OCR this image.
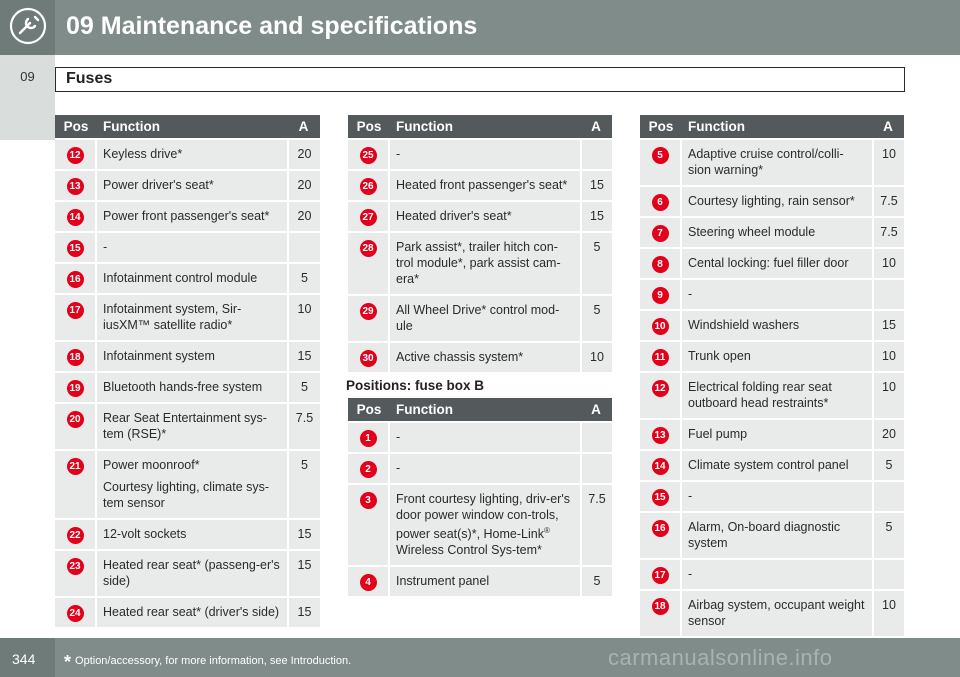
09 Maintenance and specifications
09	Fuses
Pos	Function	A
12	Keyless drive*	20
13	Power driver's seat*	20
14	Power front passenger's seat*	20
15	-	
16	Infotainment control module	5
17	Infotainment system, Sir-iusXM™ satellite radio*	10
18	Infotainment system	15
19	Bluetooth hands-free system	5
20	Rear Seat Entertainment sys-tem (RSE)*	7.5
21	Power moonroof*
Courtesy lighting, climate sys-tem sensor	5
22	12-volt sockets	15
23	Heated rear seat* (passeng-er's side)	15
24	Heated rear seat* (driver's side)	15
Pos	Function	A
25	-	
26	Heated front passenger's seat*	15
27	Heated driver's seat*	15
28	Park assist*, trailer hitch con-trol module*, park assist cam-era*	5
29	All Wheel Drive* control mod-ule	5
30	Active chassis system*	10
Positions: fuse box B
Pos	Function	A
1	-	
2	-	
3	Front courtesy lighting, driv-er's door power window con-trols, power seat(s)*, Home-Link® Wireless Control Sys-tem*	7.5
4	Instrument panel	5
Pos	Function	A
5	Adaptive cruise control/colli-sion warning*	10
6	Courtesy lighting, rain sensor*	7.5
7	Steering wheel module	7.5
8	Cental locking: fuel filler door	10
9	-	
10	Windshield washers	15
11	Trunk open	10
12	Electrical folding rear seat outboard head restraints*	10
13	Fuel pump	20
14	Climate system control panel	5
15	-	
16	Alarm, On-board diagnostic system	5
17	-	
18	Airbag system, occupant weight sensor	10
344 * Option/accessory, for more information, see Introduction.	carmanualsonline.info
